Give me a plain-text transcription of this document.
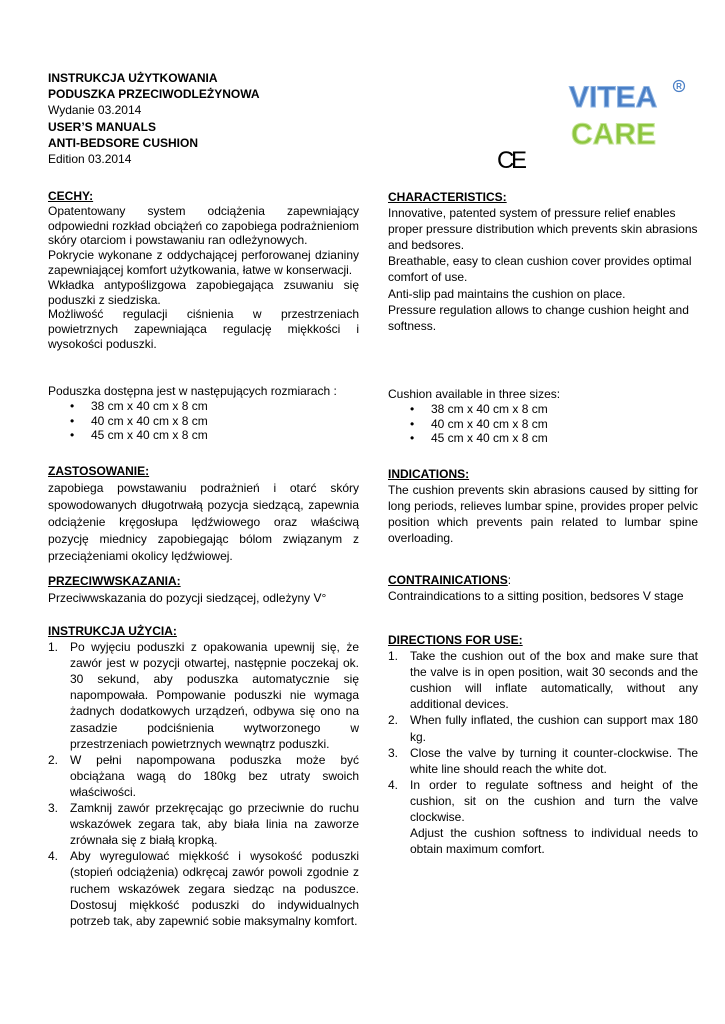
INSTRUKCJA UŻYTKOWANIA
PODUSZKA PRZECIWODLEŻYNOWA
Wydanie 03.2014
USER’S MANUALS
ANTI-BEDSORE CUSHION
Edition 03.2014
VITEA R
CARE
CE
CECHY:

Opatentowany system odciążenia zapewniający odpowiedni rozkład obciążeń co zapobiega podrażnieniom skóry otarciom i powstawaniu ran odleżynowych.

Pokrycie wykonane z oddychającej perforowanej dzianiny zapewniającej komfort użytkowania, łatwe w konserwacji.

Wkładka antypoślizgowa zapobiegająca zsuwaniu się poduszki z siedziska.

Możliwość regulacji ciśnienia w przestrzeniach powietrznych zapewniająca regulację miękkości i wysokości poduszki.

Poduszka dostępna jest w następujących rozmiarach :
• 38 cm x 40 cm x 8 cm
• 40 cm x 40 cm x 8 cm
• 45 cm x 40 cm x 8 cm
ZASTOSOWANIE:

zapobiega powstawaniu podrażnień i otarć skóry spowodowanych długotrwałą pozycja siedzącą, zapewnia odciążenie kręgosłupa lędźwiowego oraz właściwą pozycję miednicy zapobiegając bólom związanym z przeciążeniami okolicy lędźwiowej.

PRZECIWWSKAZANIA:
Przeciwwskazania do pozycji siedzącej, odleżyny V°
INSTRUKCJA UŻYCIA:
1. Po wyjęciu poduszki z opakowania upewnij się, że zawór jest w pozycji otwartej, następnie poczekaj ok. 30 sekund, aby poduszka automatycznie się napompowała. Pompowanie poduszki nie wymaga żadnych dodatkowych urządzeń, odbywa się ono na zasadzie podciśnienia wytworzonego w przestrzeniach powietrznych wewnątrz poduszki.
2. W pełni napompowana poduszka może być obciążana wagą do 180kg bez utraty swoich właściwości.
3. Zamknij zawór przekręcając go przeciwnie do ruchu wskazówek zegara tak, aby biała linia na zaworze zrównała się z białą kropką.
4. Aby wyregulować miękkość i wysokość poduszki (stopień odciążenia) odkręcaj zawór powoli zgodnie z ruchem wskazówek zegara siedząc na poduszce. Dostosuj miękkość poduszki do indywidualnych potrzeb tak, aby zapewnić sobie maksymalny komfort.
CHARACTERISTICS:

Innovative, patented system of pressure relief enables proper pressure distribution which prevents skin abrasions and bedsores.

Breathable, easy to clean cushion cover provides optimal comfort of use.

Anti-slip pad maintains the cushion on place.

Pressure regulation allows to change cushion height and softness.

Cushion available in three sizes:
• 38 cm x 40 cm x 8 cm
• 40 cm x 40 cm x 8 cm
• 45 cm x 40 cm x 8 cm
INDICATIONS:

The cushion prevents skin abrasions caused by sitting for long periods, relieves lumbar spine, provides proper pelvic position which prevents pain related to lumbar spine overloading.

CONTRAINICATIONS:
Contraindications to a sitting position, bedsores V stage
DIRECTIONS FOR USE:
1. Take the cushion out of the box and make sure that the valve is in open position, wait 30 seconds and the cushion will inflate automatically, without any additional devices.
2. When fully inflated, the cushion can support max 180 kg.
3. Close the valve by turning it counter-clockwise. The white line should reach the white dot.
4. In order to regulate softness and height of the cushion, sit on the cushion and turn the valve clockwise.
Adjust the cushion softness to individual needs to obtain maximum comfort.
